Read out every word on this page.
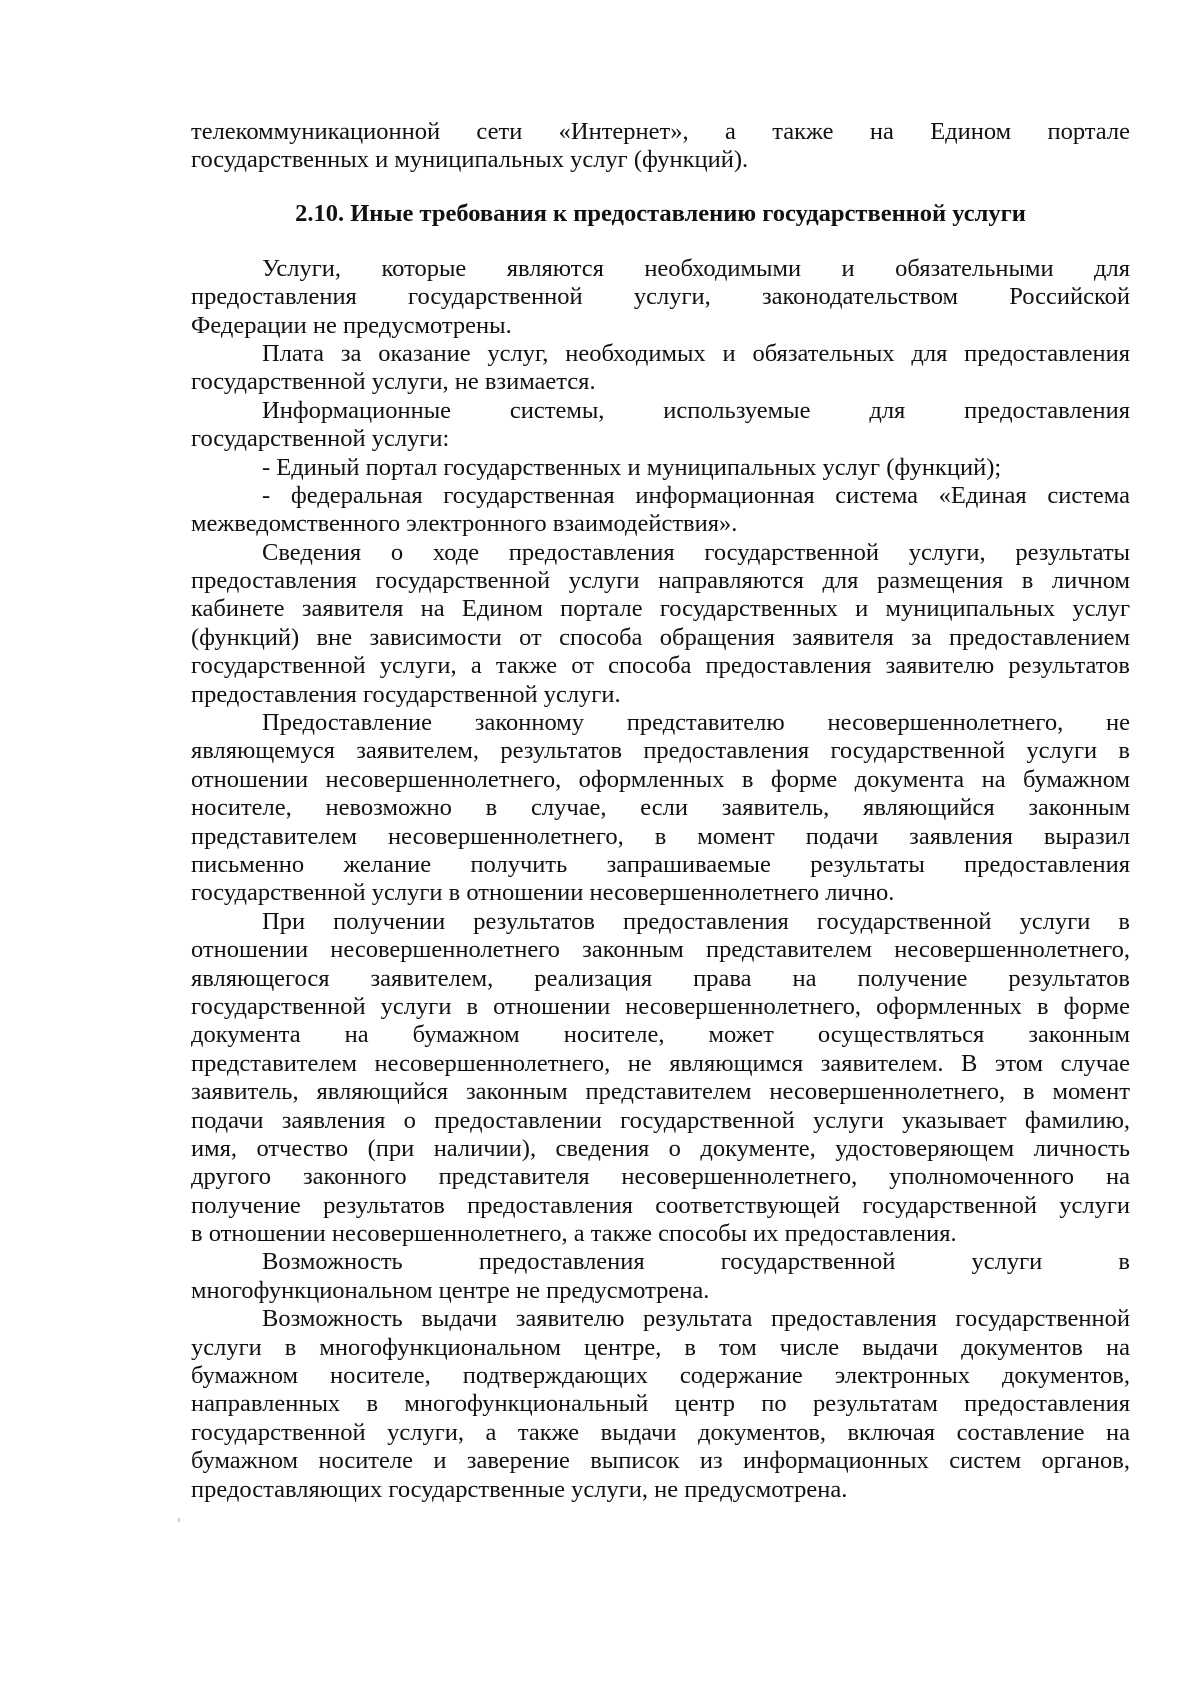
телекоммуникационной сети «Интернет», а также на Едином портале
государственных и муниципальных услуг (функций).
2.10. Иные требования к предоставлению государственной услуги
Услуги, которые являются необходимыми и обязательными для
предоставления государственной услуги, законодательством Российской
Федерации не предусмотрены.
Плата за оказание услуг, необходимых и обязательных для предоставления
государственной услуги, не взимается.
Информационные системы, используемые для предоставления
государственной услуги:
- Единый портал государственных и муниципальных услуг (функций);
- федеральная государственная информационная система «Единая система
межведомственного электронного взаимодействия».
Сведения о ходе предоставления государственной услуги, результаты
предоставления государственной услуги направляются для размещения в личном
кабинете заявителя на Едином портале государственных и муниципальных услуг
(функций) вне зависимости от способа обращения заявителя за предоставлением
государственной услуги, а также от способа предоставления заявителю результатов
предоставления государственной услуги.
Предоставление законному представителю несовершеннолетнего, не
являющемуся заявителем, результатов предоставления государственной услуги в
отношении несовершеннолетнего, оформленных в форме документа на бумажном
носителе, невозможно в случае, если заявитель, являющийся законным
представителем несовершеннолетнего, в момент подачи заявления выразил
письменно желание получить запрашиваемые результаты предоставления
государственной услуги в отношении несовершеннолетнего лично.
При получении результатов предоставления государственной услуги в
отношении несовершеннолетнего законным представителем несовершеннолетнего,
являющегося заявителем, реализация права на получение результатов
государственной услуги в отношении несовершеннолетнего, оформленных в форме
документа на бумажном носителе, может осуществляться законным
представителем несовершеннолетнего, не являющимся заявителем. В этом случае
заявитель, являющийся законным представителем несовершеннолетнего, в момент
подачи заявления о предоставлении государственной услуги указывает фамилию,
имя, отчество (при наличии), сведения о документе, удостоверяющем личность
другого законного представителя несовершеннолетнего, уполномоченного на
получение результатов предоставления соответствующей государственной услуги
в отношении несовершеннолетнего, а также способы их предоставления.
Возможность предоставления государственной услуги в
многофункциональном центре не предусмотрена.
Возможность выдачи заявителю результата предоставления государственной
услуги в многофункциональном центре, в том числе выдачи документов на
бумажном носителе, подтверждающих содержание электронных документов,
направленных в многофункциональный центр по результатам предоставления
государственной услуги, а также выдачи документов, включая составление на
бумажном носителе и заверение выписок из информационных систем органов,
предоставляющих государственные услуги, не предусмотрена.
